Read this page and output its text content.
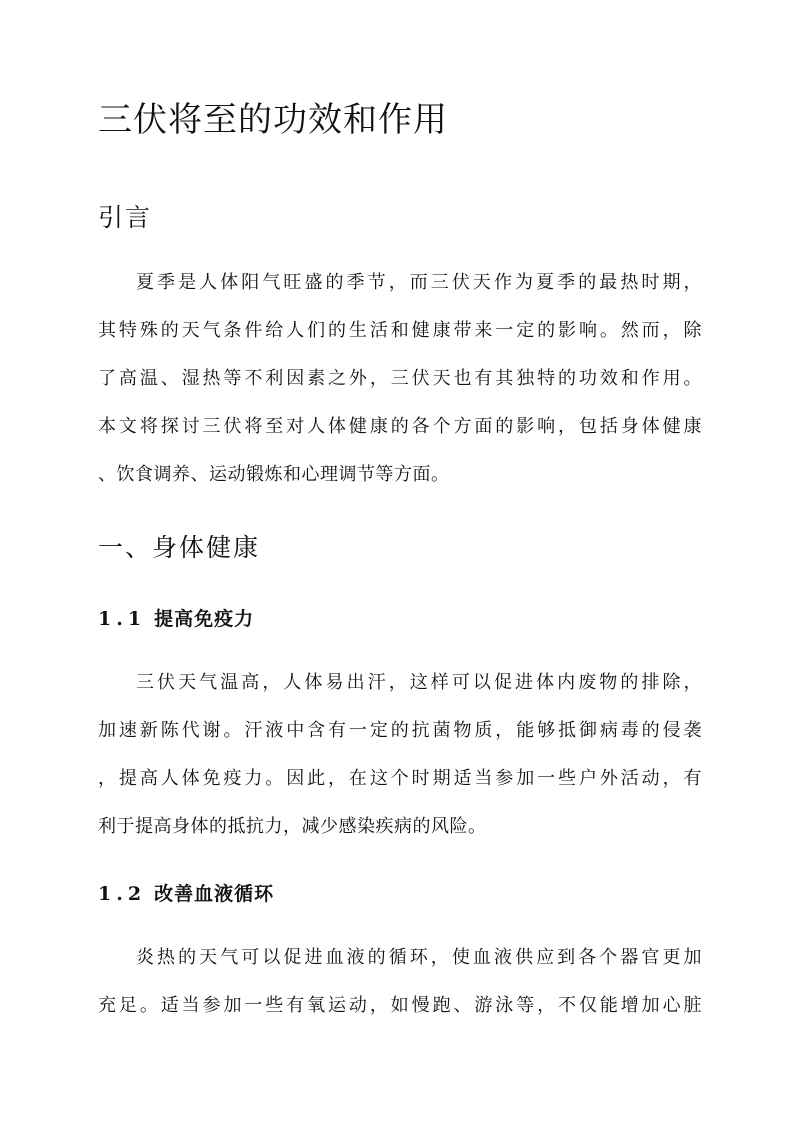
三伏将至的功效和作用
引言
夏季是人体阳气旺盛的季节，而三伏天作为夏季的最热时期，
其特殊的天气条件给人们的生活和健康带来一定的影响。然而，除
了高温、湿热等不利因素之外，三伏天也有其独特的功效和作用。
本文将探讨三伏将至对人体健康的各个方面的影响，包括身体健康
、饮食调养、运动锻炼和心理调节等方面。
一、身体健康
1.1 提高免疫力
三伏天气温高，人体易出汗，这样可以促进体内废物的排除，
加速新陈代谢。汗液中含有一定的抗菌物质，能够抵御病毒的侵袭
，提高人体免疫力。因此，在这个时期适当参加一些户外活动，有
利于提高身体的抵抗力，减少感染疾病的风险。
1.2 改善血液循环
炎热的天气可以促进血液的循环，使血液供应到各个器官更加
充足。适当参加一些有氧运动，如慢跑、游泳等，不仅能增加心脏
